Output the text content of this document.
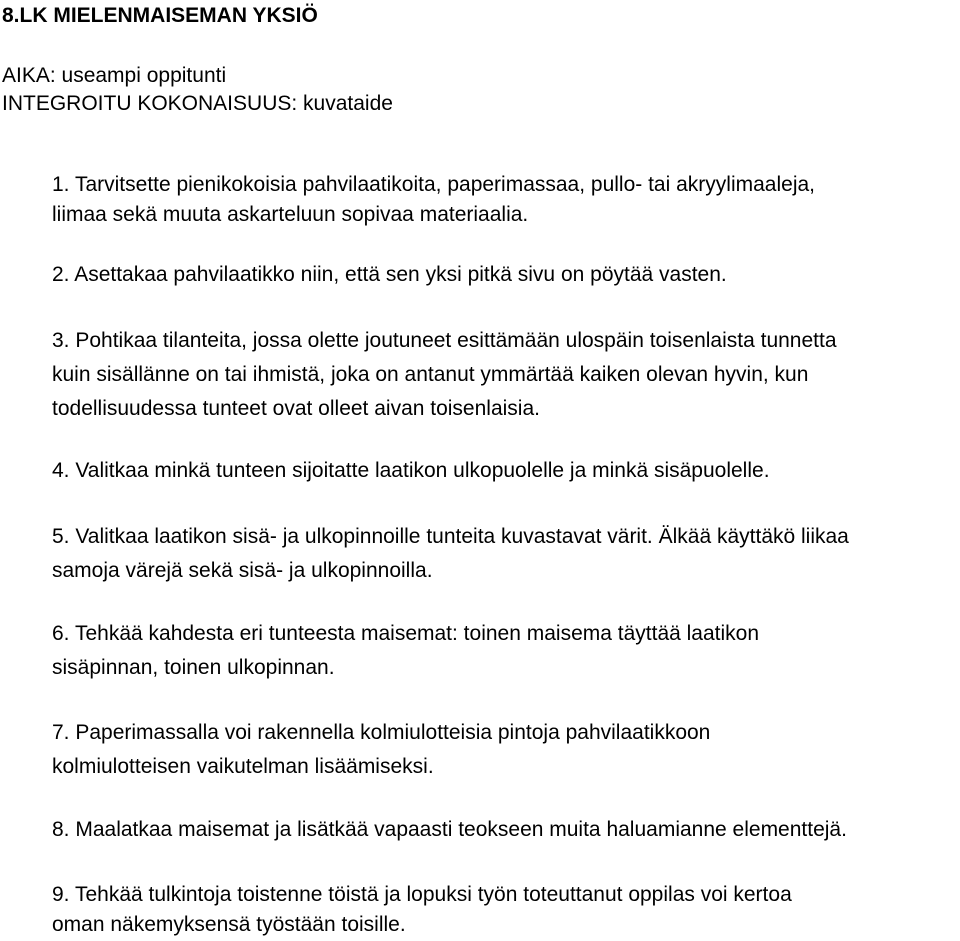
8.LK MIELENMAISEMAN YKSIÖ
AIKA: useampi oppitunti
INTEGROITU KOKONAISUUS: kuvataide
1. Tarvitsette pienikokoisia pahvilaatikoita, paperimassaa, pullo- tai akryylimaaleja,
liimaa sekä muuta askarteluun sopivaa materiaalia.
2. Asettakaa pahvilaatikko niin, että sen yksi pitkä sivu on pöytää vasten.
3. Pohtikaa tilanteita, jossa olette joutuneet esittämään ulospäin toisenlaista tunnetta
kuin sisällänne on tai ihmistä, joka on antanut ymmärtää kaiken olevan hyvin, kun
todellisuudessa tunteet ovat olleet aivan toisenlaisia.
4. Valitkaa minkä tunteen sijoitatte laatikon ulkopuolelle ja minkä sisäpuolelle.
5. Valitkaa laatikon sisä- ja ulkopinnoille tunteita kuvastavat värit. Älkää käyttäkö liikaa
samoja värejä sekä sisä- ja ulkopinnoilla.
6. Tehkää kahdesta eri tunteesta maisemat: toinen maisema täyttää laatikon
sisäpinnan, toinen ulkopinnan.
7. Paperimassalla voi rakennella kolmiulotteisia pintoja pahvilaatikkoon
kolmiulotteisen vaikutelman lisäämiseksi.
8. Maalatkaa maisemat ja lisätkää vapaasti teokseen muita haluamianne elementtejä.
9. Tehkää tulkintoja toistenne töistä ja lopuksi työn toteuttanut oppilas voi kertoa
oman näkemyksensä työstään toisille.
